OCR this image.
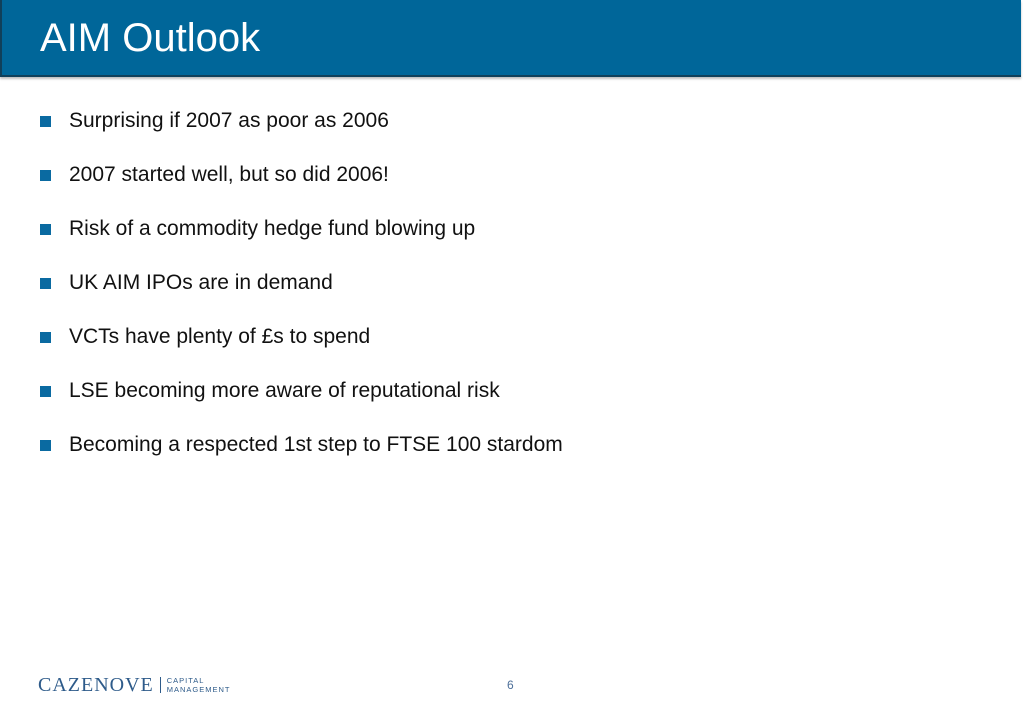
AIM Outlook
Surprising if 2007 as poor as 2006
2007 started well, but so did 2006!
Risk of a commodity hedge fund blowing up
UK AIM IPOs are in demand
VCTs have plenty of £s to spend
LSE becoming more aware of reputational risk
Becoming a respected 1st step to FTSE 100 stardom
CAZENOVE CAPITAL
MANAGEMENT	6
